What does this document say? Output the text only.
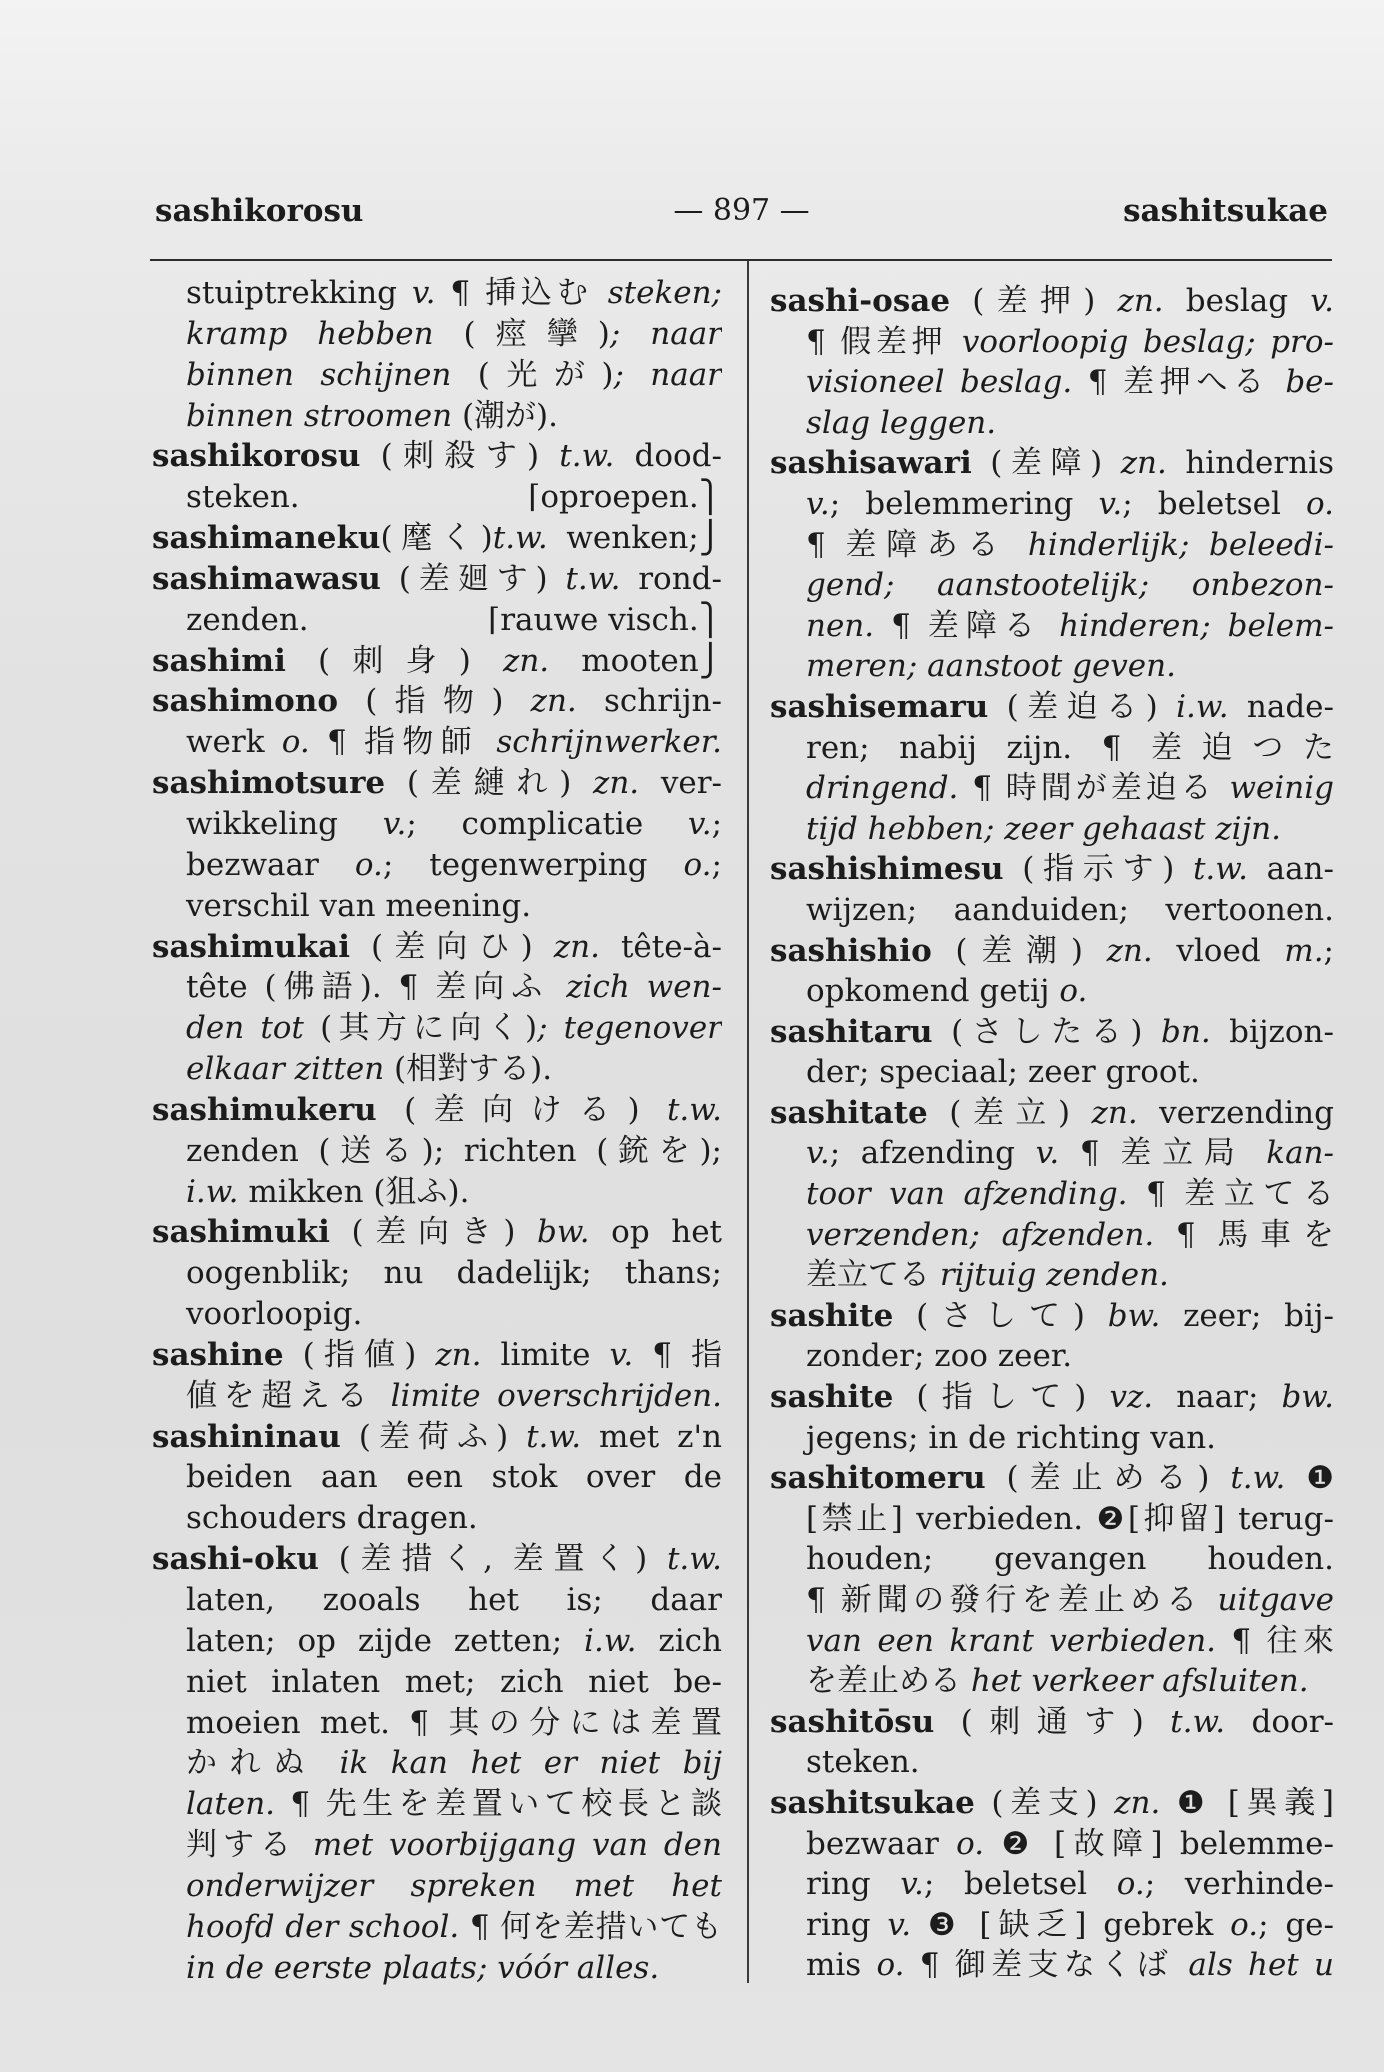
sashikorosu	— 897 —	sashitsukae
stuiptrekking v. ¶ 挿込む steken;
kramp hebben (痙攣); naar
binnen schijnen (光が); naar
binnen stroomen (潮が).
sashikorosu (刺殺す) t.w. dood-
steken.	⌈oproepen.⎫
sashimaneku(麾く)t.w. wenken;⎭
sashimawasu (差廻す) t.w. rond-
zenden.	⌈rauwe visch.⎫
sashimi (刺身) zn. mooten⎭
sashimono (指物) zn. schrijn-
werk o. ¶ 指物師 schrijnwerker.
sashimotsure (差縺れ) zn. ver-
wikkeling v.; complicatie v.;
bezwaar o.; tegenwerping o.;
verschil van meening.
sashimukai (差向ひ) zn. tête-à-
tête (佛語). ¶ 差向ふ zich wen-
den tot (其方に向く); tegenover
elkaar zitten (相對する).
sashimukeru (差向ける) t.w.
zenden (送る); richten (銃を);
i.w. mikken (狙ふ).
sashimuki (差向き) bw. op het
oogenblik; nu dadelijk; thans;
voorloopig.
sashine (指値) zn. limite v. ¶ 指
値を超える limite overschrijden.
sashininau (差荷ふ) t.w. met z'n
beiden aan een stok over de
schouders dragen.
sashi-oku (差措く, 差置く) t.w.
laten, zooals het is; daar
laten; op zijde zetten; i.w. zich
niet inlaten met; zich niet be-
moeien met. ¶ 其の分には差置
かれぬ ik kan het er niet bij
laten. ¶ 先生を差置いて校長と談
判する met voorbijgang van den
onderwijzer spreken met het
hoofd der school. ¶ 何を差措いても
in de eerste plaats; vóór alles.
sashi-osae (差押) zn. beslag v.
¶ 假差押 voorloopig beslag; pro-
visioneel beslag. ¶ 差押へる be-
slag leggen.
sashisawari (差障) zn. hindernis
v.; belemmering v.; beletsel o.
¶ 差障ある hinderlijk; beleedi-
gend; aanstootelijk; onbezon-
nen. ¶ 差障る hinderen; belem-
meren; aanstoot geven.
sashisemaru (差迫る) i.w. nade-
ren; nabij zijn. ¶ 差迫つた
dringend. ¶ 時間が差迫る weinig
tijd hebben; zeer gehaast zijn.
sashishimesu (指示す) t.w. aan-
wijzen; aanduiden; vertoonen.
sashishio (差潮) zn. vloed m.;
opkomend getij o.
sashitaru (さしたる) bn. bijzon-
der; speciaal; zeer groot.
sashitate (差立) zn. verzending
v.; afzending v. ¶ 差立局 kan-
toor van afzending. ¶ 差立てる
verzenden; afzenden. ¶ 馬車を
差立てる rijtuig zenden.
sashite (さして) bw. zeer; bij-
zonder; zoo zeer.
sashite (指して) vz. naar; bw.
jegens; in de richting van.
sashitomeru (差止める) t.w. ❶
[禁止] verbieden. ❷[抑留] terug-
houden; gevangen houden.
¶ 新聞の發行を差止める uitgave
van een krant verbieden. ¶ 往來
を差止める het verkeer afsluiten.
sashitōsu (刺通す) t.w. door-
steken.
sashitsukae (差支) zn. ❶ [異義]
bezwaar o. ❷ [故障] belemme-
ring v.; beletsel o.; verhinde-
ring v. ❸ [缺乏] gebrek o.; ge-
mis o. ¶ 御差支なくば als het u
